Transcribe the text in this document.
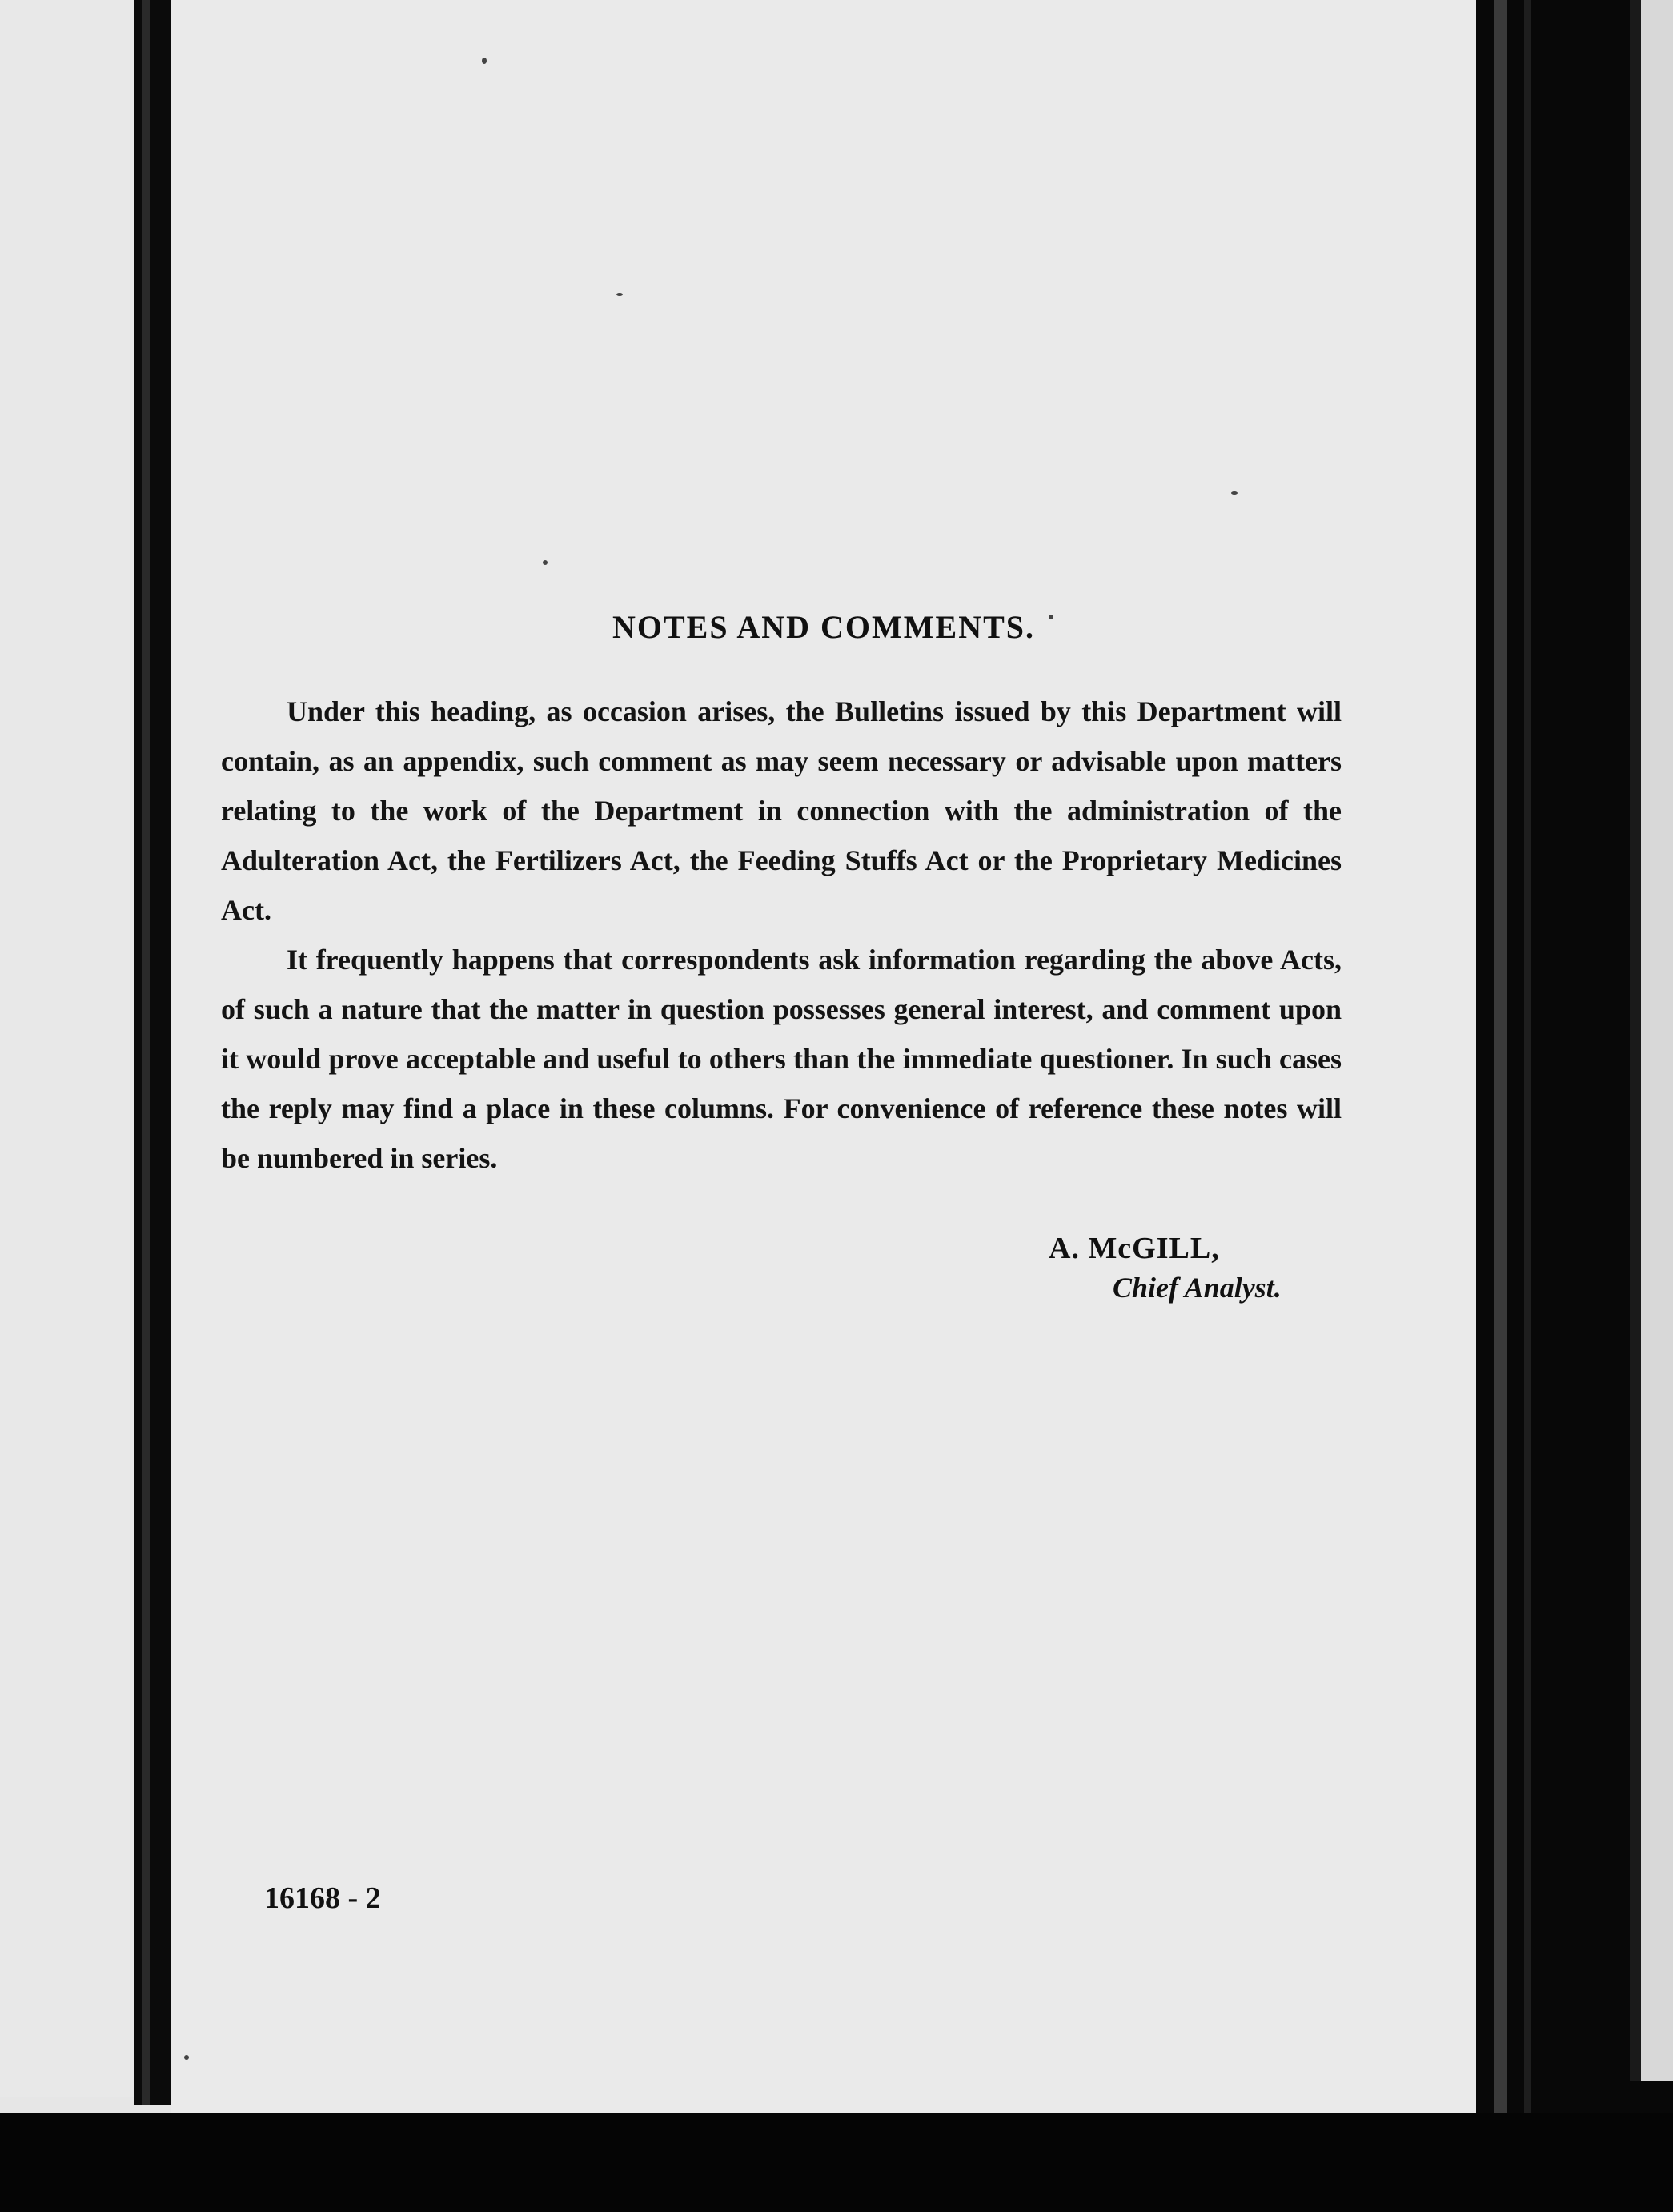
NOTES AND COMMENTS.

Under this heading, as occasion arises, the Bulletins issued by this Department will contain, as an appendix, such comment as may seem necessary or advisable upon matters relating to the work of the Department in connection with the administration of the Adulteration Act, the Fertilizers Act, the Feeding Stuffs Act or the Proprietary Medicines Act.

It frequently happens that correspondents ask information regarding the above Acts, of such a nature that the matter in question possesses general interest, and comment upon it would prove acceptable and useful to others than the immediate questioner. In such cases the reply may find a place in these columns. For convenience of reference these notes will be numbered in series.

A. McGILL,
Chief Analyst.
16168 - 2
